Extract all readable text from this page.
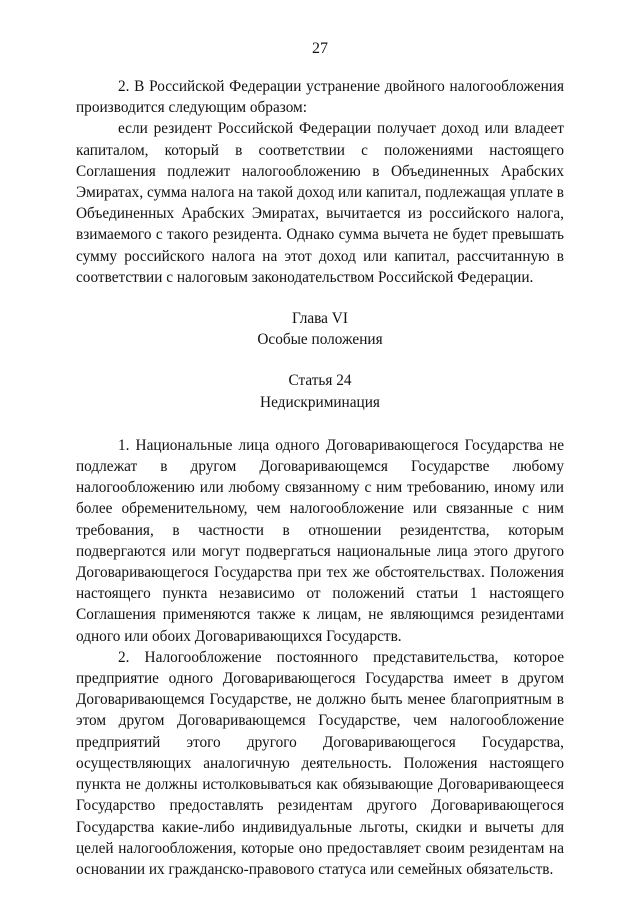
27

2. В Российской Федерации устранение двойного налогообложения производится следующим образом:

если резидент Российской Федерации получает доход или владеет капиталом, который в соответствии с положениями настоящего Соглашения подлежит налогообложению в Объединенных Арабских Эмиратах, сумма налога на такой доход или капитал, подлежащая уплате в Объединенных Арабских Эмиратах, вычитается из российского налога, взимаемого с такого резидента. Однако сумма вычета не будет превышать сумму российского налога на этот доход или капитал, рассчитанную в соответствии с налоговым законодательством Российской Федерации.

Глава VI

Особые положения

Статья 24

Недискриминация

1. Национальные лица одного Договаривающегося Государства не подлежат в другом Договаривающемся Государстве любому налогообложению или любому связанному с ним требованию, иному или более обременительному, чем налогообложение или связанные с ним требования, в частности в отношении резидентства, которым подвергаются или могут подвергаться национальные лица этого другого Договаривающегося Государства при тех же обстоятельствах. Положения настоящего пункта независимо от положений статьи 1 настоящего Соглашения применяются также к лицам, не являющимся резидентами одного или обоих Договаривающихся Государств.

2. Налогообложение постоянного представительства, которое предприятие одного Договаривающегося Государства имеет в другом Договаривающемся Государстве, не должно быть менее благоприятным в этом другом Договаривающемся Государстве, чем налогообложение предприятий этого другого Договаривающегося Государства, осуществляющих аналогичную деятельность. Положения настоящего пункта не должны истолковываться как обязывающие Договаривающееся Государство предоставлять резидентам другого Договаривающегося Государства какие-либо индивидуальные льготы, скидки и вычеты для целей налогообложения, которые оно предоставляет своим резидентам на основании их гражданско-правового статуса или семейных обязательств.
